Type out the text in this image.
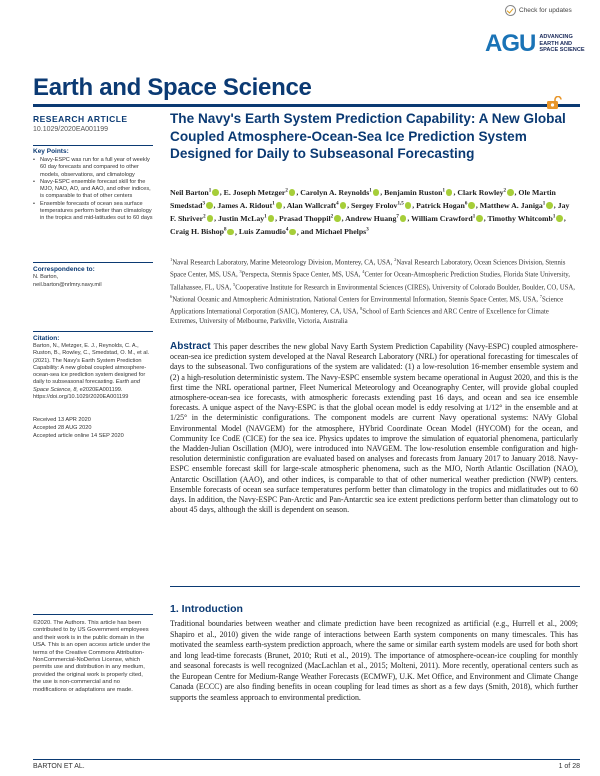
Check for updates
AGU ADVANCING EARTH AND SPACE SCIENCE
Earth and Space Science
RESEARCH ARTICLE
10.1029/2020EA001199
Key Points:
• Navy-ESPC was run for a full year of weekly 60 day forecasts and compared to other models, observations, and climatology
• Navy-ESPC ensemble forecast skill for the MJO, NAO, AO, and AAO, and other indices, is comparable to that of other centers
• Ensemble forecasts of ocean sea surface temperatures perform better than climatology in the tropics and mid-latitudes out to 60 days
Correspondence to:
N. Barton,
neil.barton@nrlmry.navy.mil
Citation:
Barton, N., Metzger, E. J., Reynolds, C. A., Ruston, B., Rowley, C., Smedstad, O. M., et al. (2021). The Navy's Earth System Prediction Capability: A new global coupled atmosphere-ocean-sea ice prediction system designed for daily to subseasonal forecasting. Earth and Space Science, 8, e2020EA001199. https://doi.org/10.1029/2020EA001199
Received 13 APR 2020
Accepted 28 AUG 2020
Accepted article online 14 SEP 2020
©2020. The Authors. This article has been contributed to by US Government employees and their work is in the public domain in the USA. This is an open access article under the terms of the Creative Commons Attribution-NonCommercial-NoDerivs License, which permits use and distribution in any medium, provided the original work is properly cited, the use is non-commercial and no modifications or adaptations are made.
The Navy's Earth System Prediction Capability: A New Global Coupled Atmosphere-Ocean-Sea Ice Prediction System Designed for Daily to Subseasonal Forecasting
Neil Barton$^1$ , E. Joseph Metzger$^2$ , Carolyn A. Reynolds$^1$ , Benjamin Ruston$^1$ , Clark Rowley$^2$ , Ole Martin Smedstad$^3$ , James A. Ridout$^1$ , Alan Wallcraft$^4$ , Sergey Frolov$^{1,5}$ , Patrick Hogan$^6$ , Matthew A. Janiga$^1$ , Jay F. Shriver$^2$ , Justin McLay$^1$ , Prasad Thoppil$^2$ , Andrew Huang$^7$ , William Crawford$^1$ , Timothy Whitcomb$^1$ , Craig H. Bishop$^8$ , Luis Zamudio$^4$ , and Michael Phelps$^3$
$^1$Naval Research Laboratory, Marine Meteorology Division, Monterey, CA, USA, $^2$Naval Research Laboratory, Ocean Sciences Division, Stennis Space Center, MS, USA, $^3$Perspecta, Stennis Space Center, MS, USA, $^4$Center for Ocean-Atmospheric Prediction Studies, Florida State University, Tallahassee, FL, USA, $^5$Cooperative Institute for Research in Environmental Sciences (CIRES), University of Colorado Boulder, Boulder, CO, USA, $^6$National Oceanic and Atmospheric Administration, National Centers for Environmental Information, Stennis Space Center, MS, USA, $^7$Science Applications International Corporation (SAIC), Monterey, CA, USA, $^8$School of Earth Sciences and ARC Centre of Excellence for Climate Extremes, University of Melbourne, Parkville, Victoria, Australia
Abstract This paper describes the new global Navy Earth System Prediction Capability (Navy-ESPC) coupled atmosphere-ocean-sea ice prediction system developed at the Naval Research Laboratory (NRL) for operational forecasting for timescales of days to the subseasonal. Two configurations of the system are validated: (1) a low-resolution 16-member ensemble system and (2) a high-resolution deterministic system. The Navy-ESPC ensemble system became operational in August 2020, and this is the first time the NRL operational partner, Fleet Numerical Meteorology and Oceanography Center, will provide global coupled atmosphere-ocean-sea ice forecasts, with atmospheric forecasts extending past 16 days, and ocean and sea ice ensemble forecasts. A unique aspect of the Navy-ESPC is that the global ocean model is eddy resolving at 1/12° in the ensemble and at 1/25° in the deterministic configurations. The component models are current Navy operational systems: NAVy Global Environmental Model (NAVGEM) for the atmosphere, HYbrid Coordinate Ocean Model (HYCOM) for the ocean, and Community Ice CodE (CICE) for the sea ice. Physics updates to improve the simulation of equatorial phenomena, particularly the Madden-Julian Oscillation (MJO), were introduced into NAVGEM. The low-resolution ensemble configuration and high-resolution deterministic configuration are evaluated based on analyses and forecasts from January 2017 to January 2018. Navy-ESPC ensemble forecast skill for large-scale atmospheric phenomena, such as the MJO, North Atlantic Oscillation (NAO), Antarctic Oscillation (AAO), and other indices, is comparable to that of other numerical weather prediction (NWP) centers. Ensemble forecasts of ocean sea surface temperatures perform better than climatology in the tropics and midlatitudes out to 60 days. In addition, the Navy-ESPC Pan-Arctic and Pan-Antarctic sea ice extent predictions perform better than climatology out to about 45 days, although the skill is dependent on season.
1. Introduction
Traditional boundaries between weather and climate prediction have been recognized as artificial (e.g., Hurrell et al., 2009; Shapiro et al., 2010) given the wide range of interactions between Earth system components on many timescales. This has motivated the seamless earth-system prediction approach, where the same or similar earth system models are used for both short and long lead-time forecasts (Brunet, 2010; Ruti et al., 2019). The importance of atmosphere-ocean-ice coupling for monthly and seasonal forecasts is well recognized (MacLachlan et al., 2015; Molteni, 2011). More recently, operational centers such as the European Centre for Medium-Range Weather Forecasts (ECMWF), U.K. Met Office, and Environment and Climate Change Canada (ECCC) are also finding benefits in ocean coupling for lead times as short as a few days (Smith, 2018), which further supports the seamless approach to environmental prediction.
BARTON ET AL.	1 of 28
